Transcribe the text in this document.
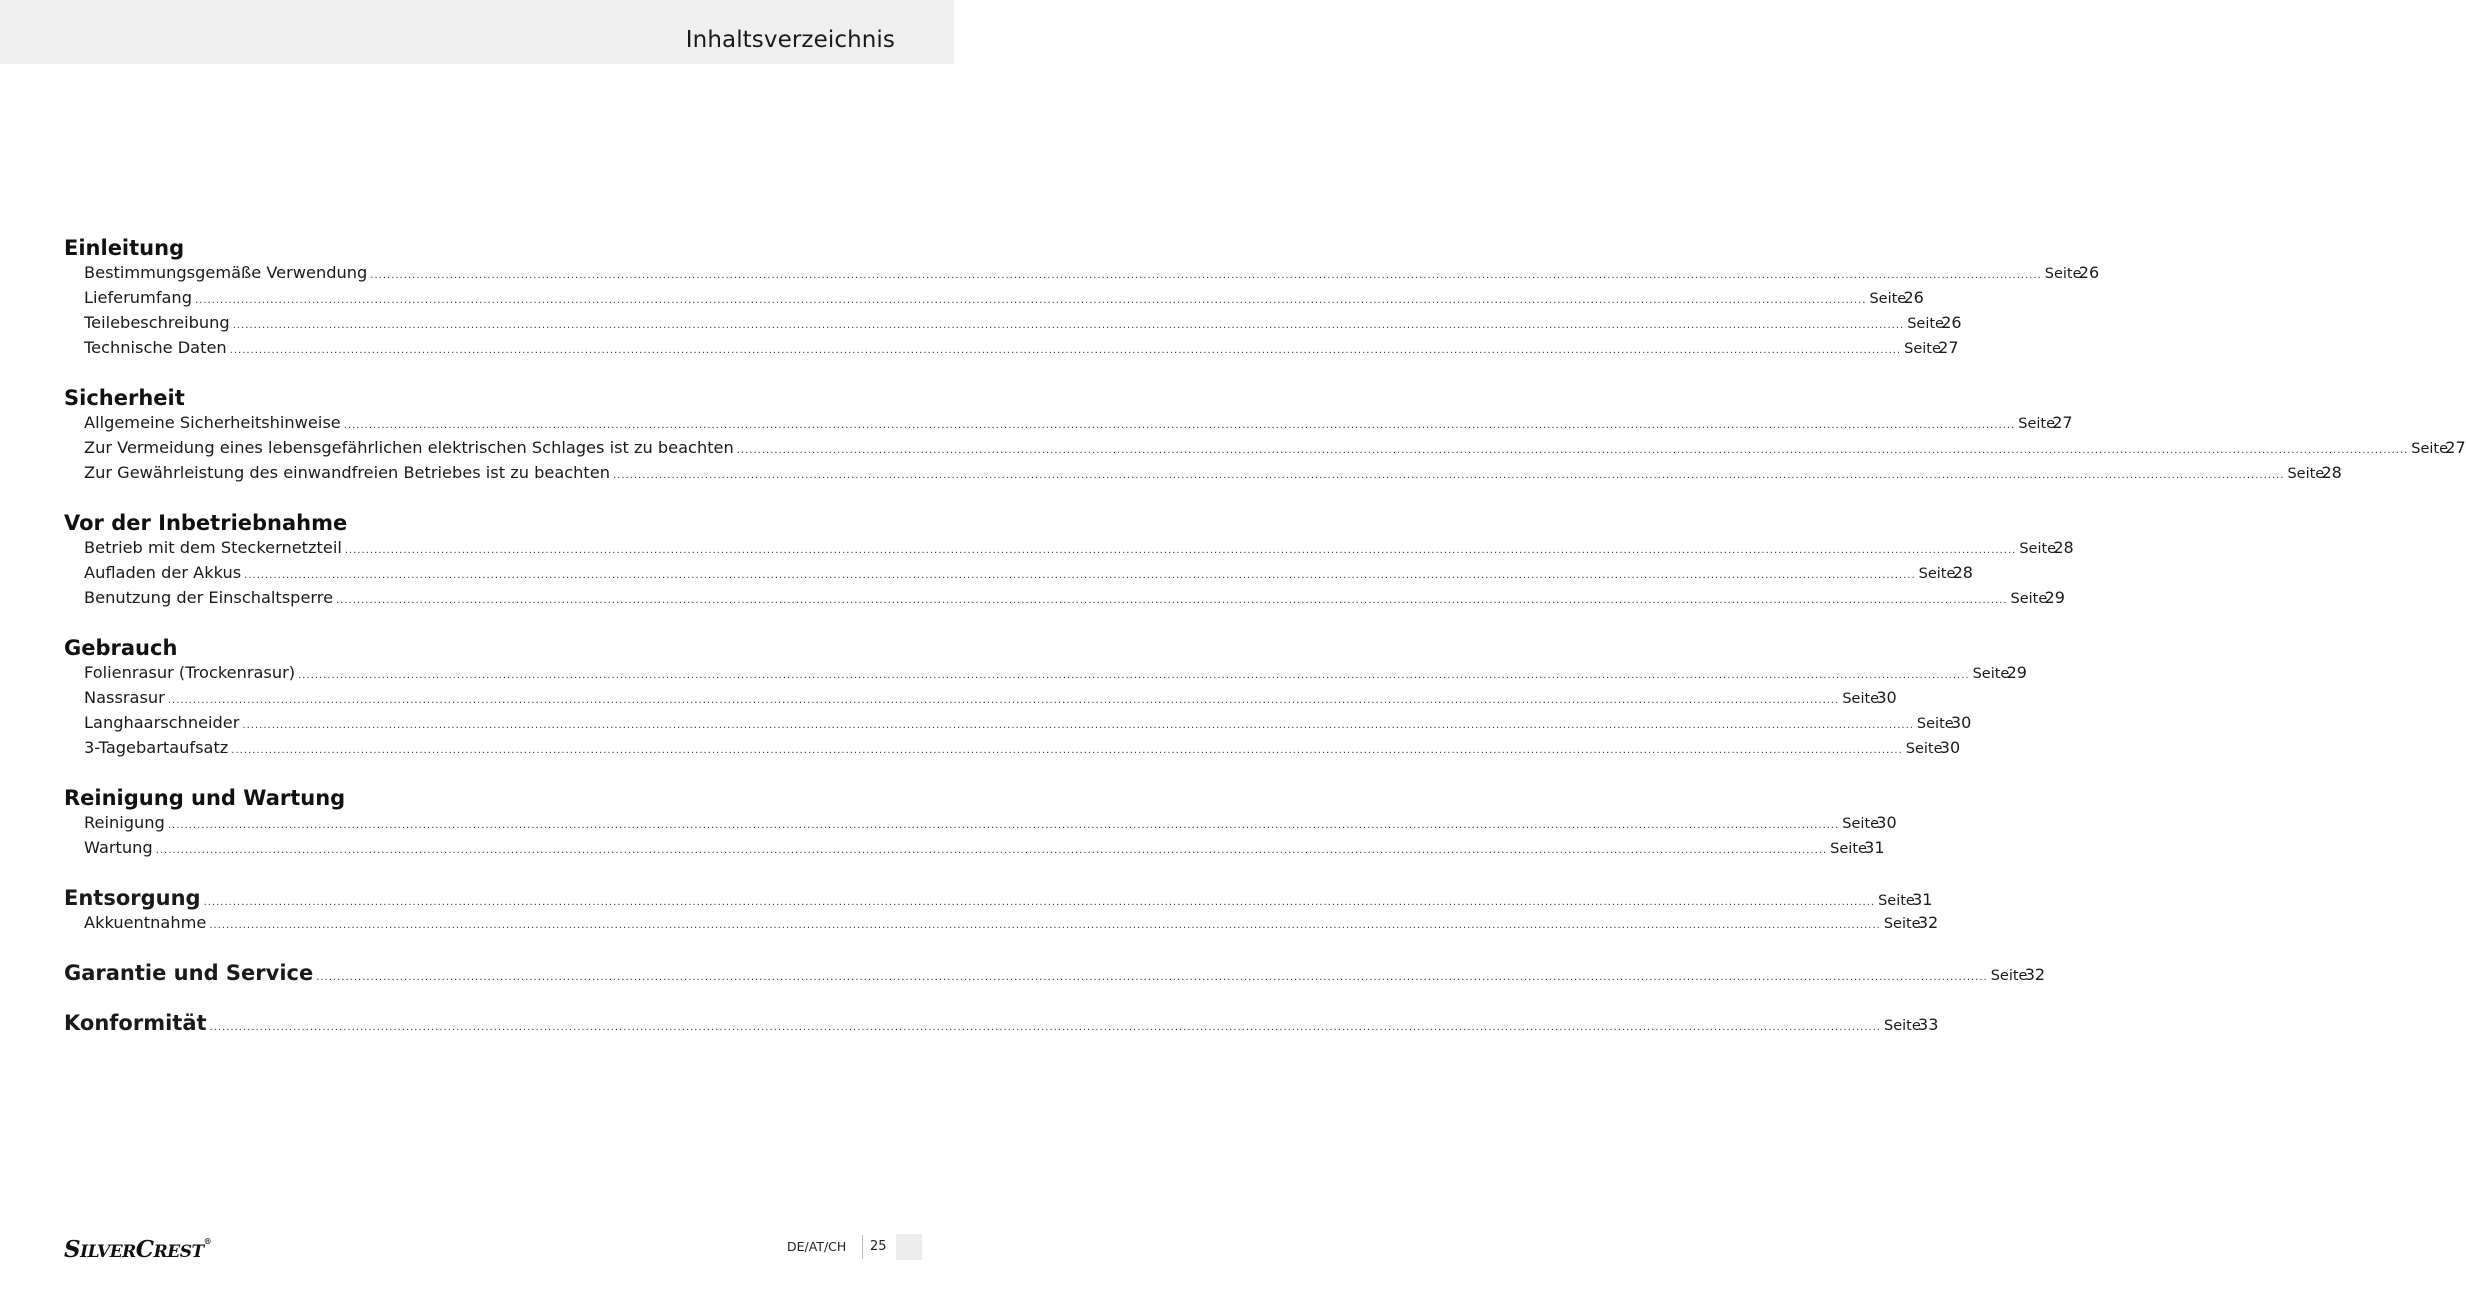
Inhaltsverzeichnis
Einleitung
Bestimmungsgemäße Verwendung ................................................................................................................................................................................................................................................................................................................................................................................................................ Seite
26
Lieferumfang ................................................................................................................................................................................................................................................................................................................................................................................................................ Seite
26
Teilebeschreibung ................................................................................................................................................................................................................................................................................................................................................................................................................ Seite
26
Technische Daten ................................................................................................................................................................................................................................................................................................................................................................................................................ Seite
27
Sicherheit
Allgemeine Sicherheitshinweise ................................................................................................................................................................................................................................................................................................................................................................................................................ Seite
27
Zur Vermeidung eines lebensgefährlichen elektrischen Schlages ist zu beachten ................................................................................................................................................................................................................................................................................................................................................................................................................ Seite
27
Zur Gewährleistung des einwandfreien Betriebes ist zu beachten ................................................................................................................................................................................................................................................................................................................................................................................................................ Seite
28
Vor der Inbetriebnahme
Betrieb mit dem Steckernetzteil ................................................................................................................................................................................................................................................................................................................................................................................................................ Seite
28
Aufladen der Akkus ................................................................................................................................................................................................................................................................................................................................................................................................................ Seite
28
Benutzung der Einschaltsperre ................................................................................................................................................................................................................................................................................................................................................................................................................ Seite
29
Gebrauch
Folienrasur (Trockenrasur) ................................................................................................................................................................................................................................................................................................................................................................................................................ Seite
29
Nassrasur ................................................................................................................................................................................................................................................................................................................................................................................................................ Seite
30
Langhaarschneider ................................................................................................................................................................................................................................................................................................................................................................................................................ Seite
30
3-Tagebartaufsatz ................................................................................................................................................................................................................................................................................................................................................................................................................ Seite
30
Reinigung und Wartung
Reinigung ................................................................................................................................................................................................................................................................................................................................................................................................................ Seite
30
Wartung ................................................................................................................................................................................................................................................................................................................................................................................................................ Seite
31
Entsorgung ................................................................................................................................................................................................................................................................................................................................................................................................................ Seite
31
Akkuentnahme ................................................................................................................................................................................................................................................................................................................................................................................................................ Seite
32
Garantie und Service ................................................................................................................................................................................................................................................................................................................................................................................................................ Seite
32
Konformität ................................................................................................................................................................................................................................................................................................................................................................................................................ Seite
33
SILVERCREST®	DE/AT/CH 25
